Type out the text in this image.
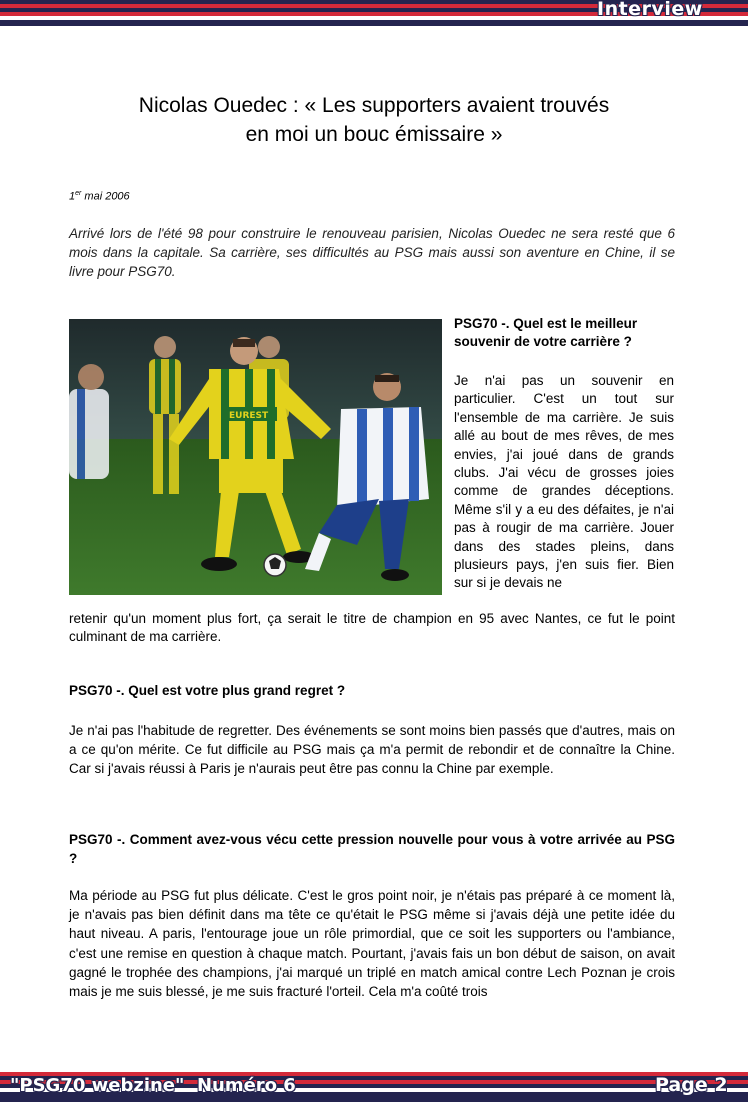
Interview
Nicolas Ouedec : « Les supporters avaient trouvés
en moi un bouc émissaire »
1er mai 2006

Arrivé lors de l'été 98 pour construire le renouveau parisien, Nicolas Ouedec ne sera resté que 6 mois dans la capitale. Sa carrière, ses difficultés au PSG mais aussi son aventure en Chine, il se livre pour PSG70.

EUREST

PSG70 -. Quel est le meilleur souvenir de votre carrière ?

Je n'ai pas un souvenir en particulier. C'est un tout sur l'ensemble de ma carrière. Je suis allé au bout de mes rêves, de mes envies, j'ai joué dans de grands clubs. J'ai vécu de grosses joies comme de grandes déceptions. Même s'il y a eu des défaites, je n'ai pas à rougir de ma carrière. Jouer dans des stades pleins, dans plusieurs pays, j'en suis fier. Bien sur si je devais ne

retenir qu'un moment plus fort, ça serait le titre de champion en 95 avec Nantes, ce fut le point culminant de ma carrière.

PSG70 -. Quel est votre plus grand regret ?

Je n'ai pas l'habitude de regretter. Des événements se sont moins bien passés que d'autres, mais on a ce qu'on mérite. Ce fut difficile au PSG mais ça m'a permit de rebondir et de connaître la Chine. Car si j'avais réussi à Paris je n'aurais peut être pas connu la Chine par exemple.

PSG70 -. Comment avez-vous vécu cette pression nouvelle pour vous à votre arrivée au PSG ?

Ma période au PSG fut plus délicate. C'est le gros point noir, je n'étais pas préparé à ce moment là, je n'avais pas bien définit dans ma tête ce qu'était le PSG même si j'avais déjà une petite idée du haut niveau. A paris, l'entourage joue un rôle primordial, que ce soit les supporters ou l'ambiance, c'est une remise en question à chaque match. Pourtant, j'avais fais un bon début de saison, on avait gagné le trophée des champions, j'ai marqué un triplé en match amical contre Lech Poznan je crois mais je me suis blessé, je me suis fracturé l'orteil. Cela m'a coûté trois

"PSG70 webzine" Numéro 6	Page 2
